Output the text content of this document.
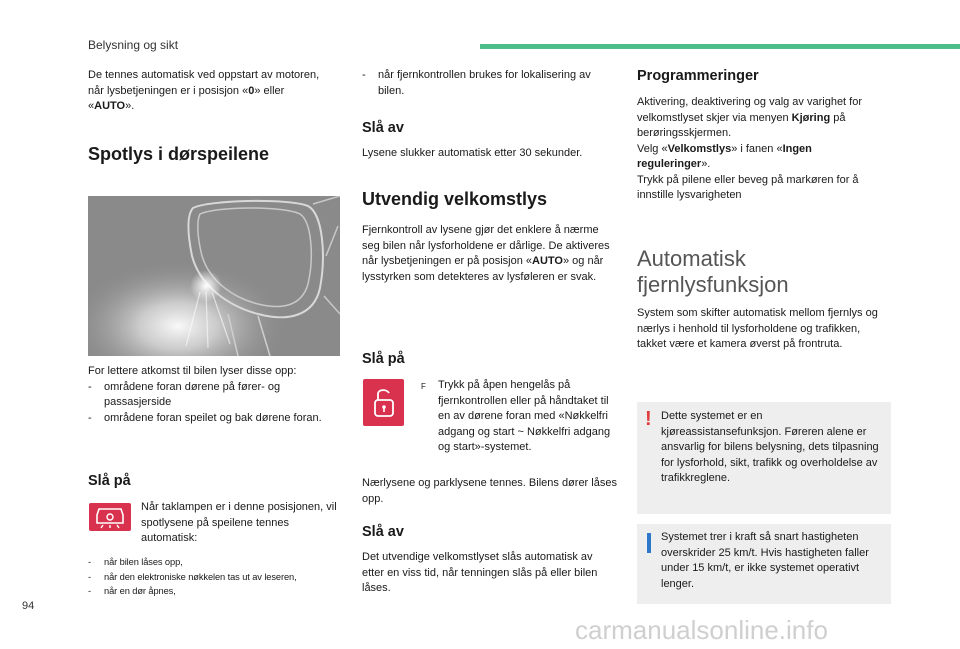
Belysning og sikt
De tennes automatisk ved oppstart av motoren,
når lysbetjeningen er i posisjon «0» eller
«AUTO».
Spotlys i dørspeilene
For lettere atkomst til bilen lyser disse opp:
- områdene foran dørene på fører- og passasjerside
- områdene foran speilet og bak dørene foran.
Slå på
Når taklampen er i denne posisjonen, vil spotlysene på speilene tennes automatisk:
- når bilen låses opp,
- når den elektroniske nøkkelen tas ut av leseren,
- når en dør åpnes,
- når fjernkontrollen brukes for lokalisering av bilen.
Slå av
Lysene slukker automatisk etter 30 sekunder.
Utvendig velkomstlys
Fjernkontroll av lysene gjør det enklere å nærme seg bilen når lysforholdene er dårlige. De aktiveres når lysbetjeningen er på posisjon «AUTO» og når lysstyrken som detekteres av lysføleren er svak.
Slå på
F Trykk på åpen hengelås på fjernkontrollen eller på håndtaket til en av dørene foran med «Nøkkelfri adgang og start ~ Nøkkelfri adgang og start»-systemet.
Nærlysene og parklysene tennes. Bilens dører låses opp.
Slå av
Det utvendige velkomstlyset slås automatisk av etter en viss tid, når tenningen slås på eller bilen låses.
Programmeringer
Aktivering, deaktivering og valg av varighet for velkomstlyset skjer via menyen Kjøring på berøringsskjermen.
Velg «Velkomstlys» i fanen «Ingen reguleringer».
Trykk på pilene eller beveg på markøren for å innstille lysvarigheten
Automatisk
fjernlysfunksjon
System som skifter automatisk mellom fjernlys og nærlys i henhold til lysforholdene og trafikken, takket være et kamera øverst på frontruta.
! Dette systemet er en kjøreassistansefunksjon. Føreren alene er ansvarlig for bilens belysning, dets tilpasning for lysforhold, sikt, trafikk og overholdelse av trafikkreglene.
Systemet trer i kraft så snart hastigheten overskrider 25 km/t. Hvis hastigheten faller under 15 km/t, er ikke systemet operativt lenger.
94
carmanualsonline.info
